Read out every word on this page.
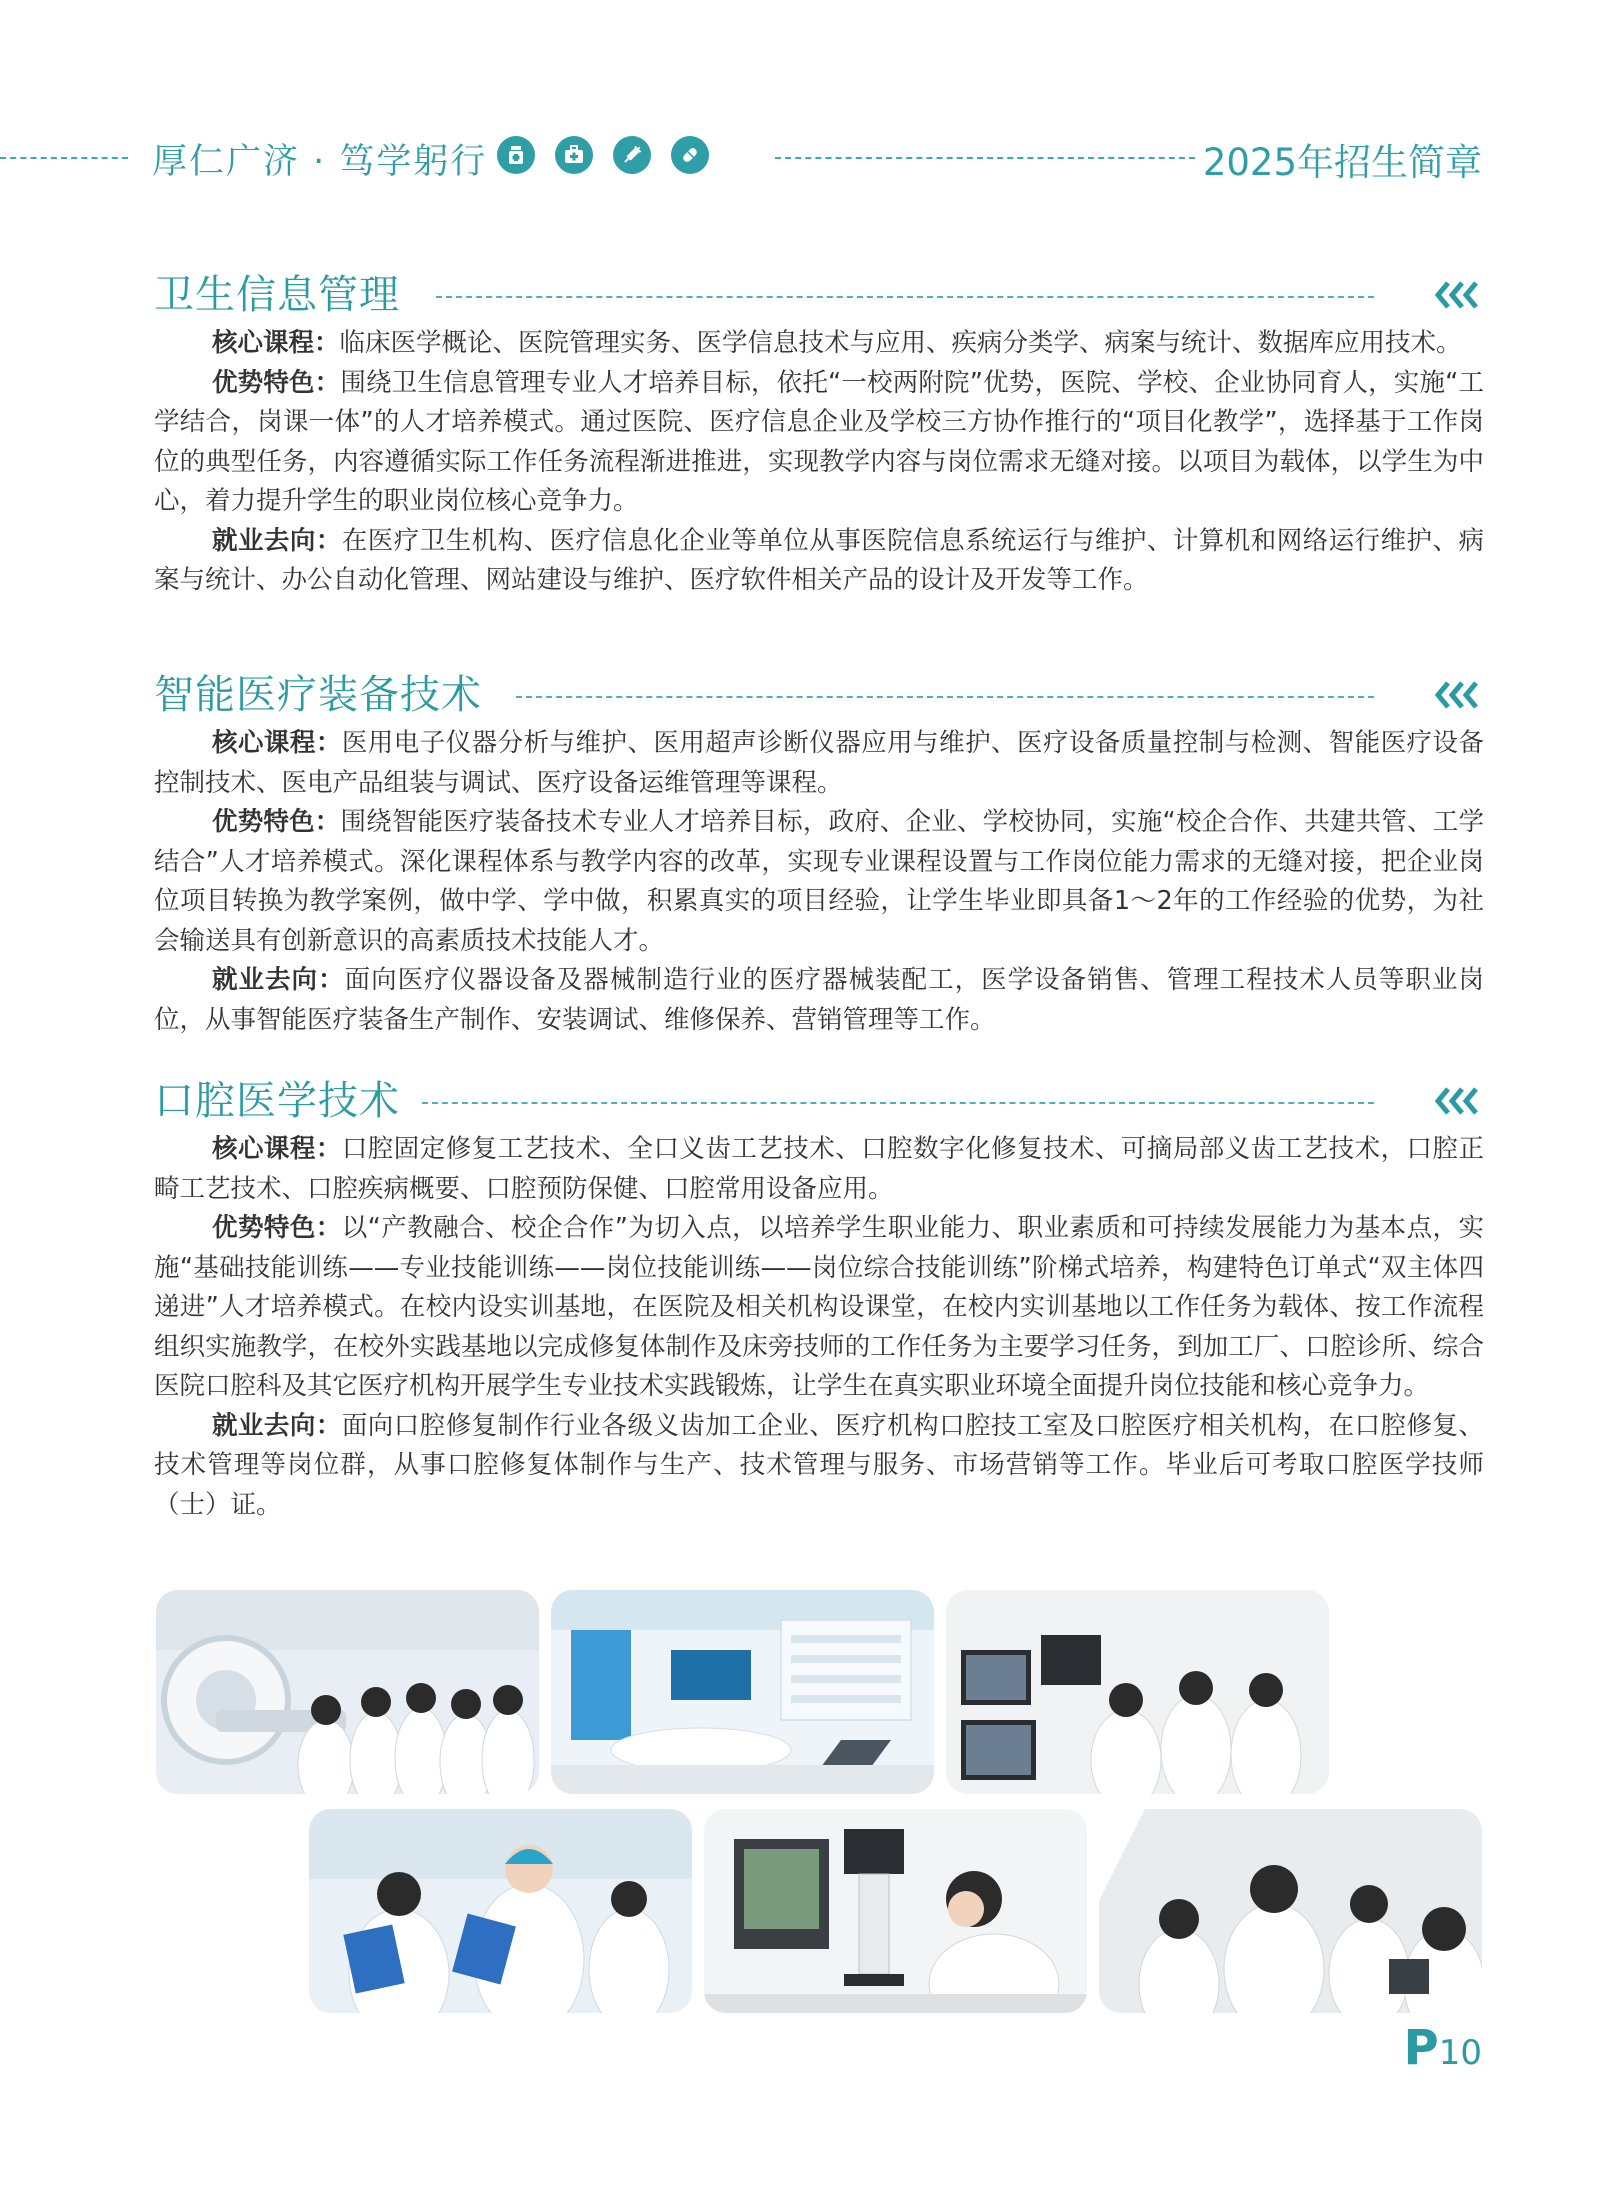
厚仁广济 · 笃学躬行	2025年招生简章
卫生信息管理

核心课程：临床医学概论、医院管理实务、医学信息技术与应用、疾病分类学、病案与统计、数据库应用技术。

优势特色：围绕卫生信息管理专业人才培养目标，依托“一校两附院”优势，医院、学校、企业协同育人，实施“工学结合，岗课一体”的人才培养模式。通过医院、医疗信息企业及学校三方协作推行的“项目化教学”，选择基于工作岗位的典型任务，内容遵循实际工作任务流程渐进推进，实现教学内容与岗位需求无缝对接。以项目为载体，以学生为中心，着力提升学生的职业岗位核心竞争力。

就业去向：在医疗卫生机构、医疗信息化企业等单位从事医院信息系统运行与维护、计算机和网络运行维护、病案与统计、办公自动化管理、网站建设与维护、医疗软件相关产品的设计及开发等工作。

智能医疗装备技术

核心课程：医用电子仪器分析与维护、医用超声诊断仪器应用与维护、医疗设备质量控制与检测、智能医疗设备控制技术、医电产品组装与调试、医疗设备运维管理等课程。

优势特色：围绕智能医疗装备技术专业人才培养目标，政府、企业、学校协同，实施“校企合作、共建共管、工学结合”人才培养模式。深化课程体系与教学内容的改革，实现专业课程设置与工作岗位能力需求的无缝对接，把企业岗位项目转换为教学案例，做中学、学中做，积累真实的项目经验，让学生毕业即具备1～2年的工作经验的优势，为社会输送具有创新意识的高素质技术技能人才。

就业去向：面向医疗仪器设备及器械制造行业的医疗器械装配工，医学设备销售、管理工程技术人员等职业岗位，从事智能医疗装备生产制作、安装调试、维修保养、营销管理等工作。

口腔医学技术

核心课程：口腔固定修复工艺技术、全口义齿工艺技术、口腔数字化修复技术、可摘局部义齿工艺技术，口腔正畸工艺技术、口腔疾病概要、口腔预防保健、口腔常用设备应用。

优势特色：以“产教融合、校企合作”为切入点，以培养学生职业能力、职业素质和可持续发展能力为基本点，实施“基础技能训练——专业技能训练——岗位技能训练——岗位综合技能训练”阶梯式培养，构建特色订单式“双主体四递进”人才培养模式。在校内设实训基地，在医院及相关机构设课堂，在校内实训基地以工作任务为载体、按工作流程组织实施教学，在校外实践基地以完成修复体制作及床旁技师的工作任务为主要学习任务，到加工厂、口腔诊所、综合医院口腔科及其它医疗机构开展学生专业技术实践锻炼，让学生在真实职业环境全面提升岗位技能和核心竞争力。

就业去向：面向口腔修复制作行业各级义齿加工企业、医疗机构口腔技工室及口腔医疗相关机构，在口腔修复、技术管理等岗位群，从事口腔修复体制作与生产、技术管理与服务、市场营销等工作。毕业后可考取口腔医学技师（士）证。

P10
